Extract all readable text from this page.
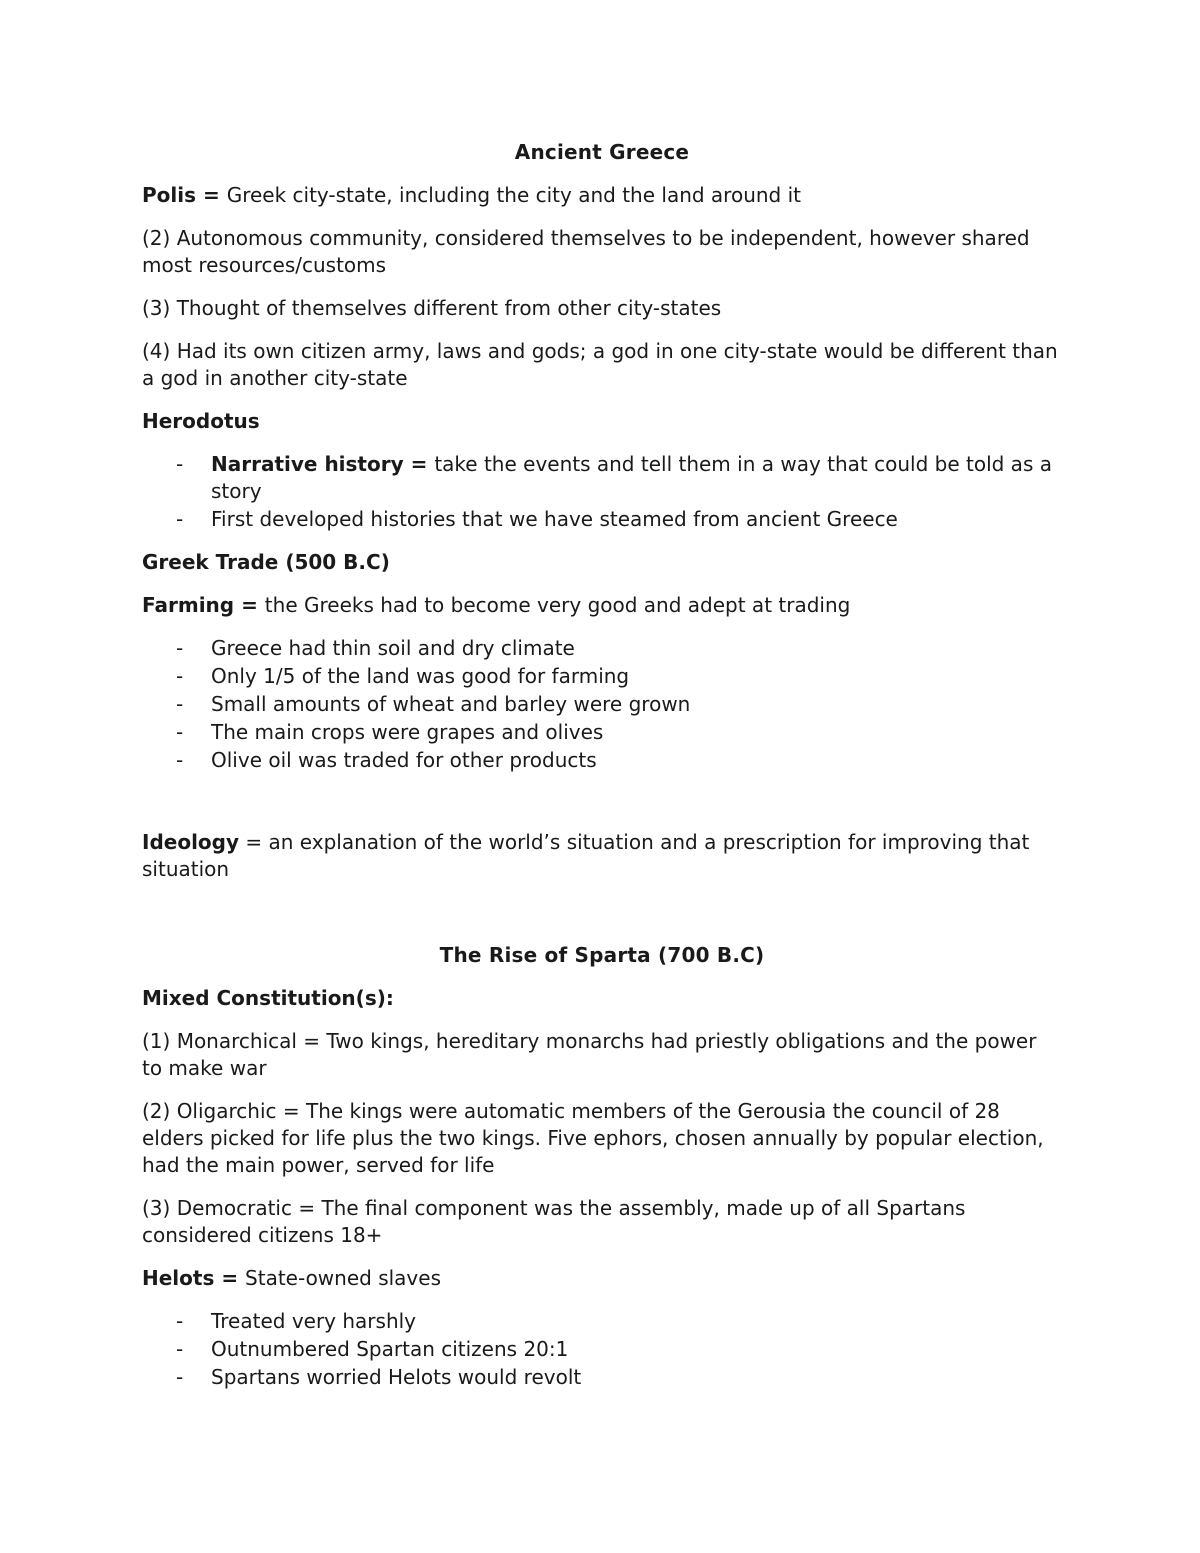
Ancient Greece

Polis = Greek city-state, including the city and the land around it

(2) Autonomous community, considered themselves to be independent, however shared most resources/customs

(3) Thought of themselves different from other city-states

(4) Had its own citizen army, laws and gods; a god in one city-state would be different than a god in another city-state

Herodotus

- Narrative history = take the events and tell them in a way that could be told as a story
- First developed histories that we have steamed from ancient Greece

Greek Trade (500 B.C)

Farming = the Greeks had to become very good and adept at trading

- Greece had thin soil and dry climate
- Only 1/5 of the land was good for farming
- Small amounts of wheat and barley were grown
- The main crops were grapes and olives
- Olive oil was traded for other products

Ideology = an explanation of the world’s situation and a prescription for improving that situation

The Rise of Sparta (700 B.C)

Mixed Constitution(s):

(1) Monarchical = Two kings, hereditary monarchs had priestly obligations and the power to make war

(2) Oligarchic = The kings were automatic members of the Gerousia the council of 28 elders picked for life plus the two kings. Five ephors, chosen annually by popular election, had the main power, served for life

(3) Democratic = The final component was the assembly, made up of all Spartans considered citizens 18+

Helots = State-owned slaves

- Treated very harshly
- Outnumbered Spartan citizens 20:1
- Spartans worried Helots would revolt
